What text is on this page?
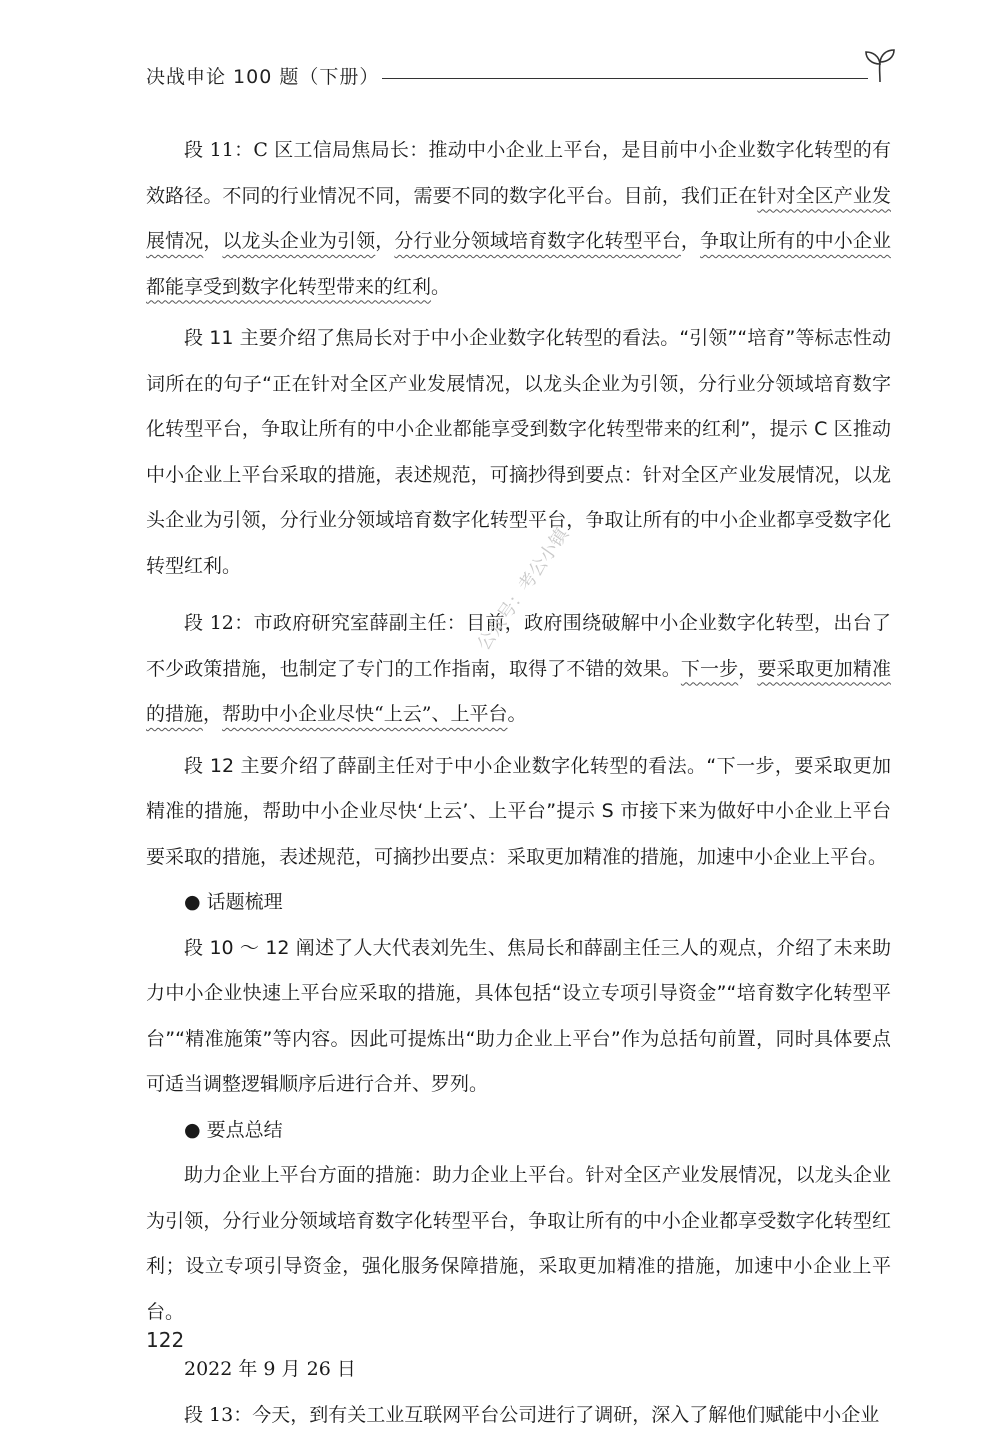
决战申论 100 题（下册）

段 11：C 区工信局焦局长：推动中小企业上平台，是目前中小企业数字化转型的有效路径。不同的行业情况不同，需要不同的数字化平台。目前，我们正在针对全区产业发展情况，以龙头企业为引领，分行业分领域培育数字化转型平台，争取让所有的中小企业都能享受到数字化转型带来的红利。

段 11 主要介绍了焦局长对于中小企业数字化转型的看法。“引领”“培育”等标志性动词所在的句子“正在针对全区产业发展情况，以龙头企业为引领，分行业分领域培育数字化转型平台，争取让所有的中小企业都能享受到数字化转型带来的红利”，提示 C 区推动中小企业上平台采取的措施，表述规范，可摘抄得到要点：针对全区产业发展情况，以龙头企业为引领，分行业分领域培育数字化转型平台，争取让所有的中小企业都享受数字化转型红利。

段 12：市政府研究室薛副主任：目前，政府围绕破解中小企业数字化转型，出台了不少政策措施，也制定了专门的工作指南，取得了不错的效果。下一步，要采取更加精准的措施，帮助中小企业尽快“上云”、上平台。

段 12 主要介绍了薛副主任对于中小企业数字化转型的看法。“下一步，要采取更加精准的措施，帮助中小企业尽快‘上云’、上平台”提示 S 市接下来为做好中小企业上平台要采取的措施，表述规范，可摘抄出要点：采取更加精准的措施，加速中小企业上平台。

● 话题梳理

段 10 ～ 12 阐述了人大代表刘先生、焦局长和薛副主任三人的观点，介绍了未来助力中小企业快速上平台应采取的措施，具体包括“设立专项引导资金”“培育数字化转型平台”“精准施策”等内容。因此可提炼出“助力企业上平台”作为总括句前置，同时具体要点可适当调整逻辑顺序后进行合并、罗列。

● 要点总结

助力企业上平台方面的措施：助力企业上平台。针对全区产业发展情况，以龙头企业为引领，分行业分领域培育数字化转型平台，争取让所有的中小企业都享受数字化转型红利；设立专项引导资金，强化服务保障措施，采取更加精准的措施，加速中小企业上平台。

2022 年 9 月 26 日

段 13：今天，到有关工业互联网平台公司进行了调研，深入了解他们赋能中小企业

公众号：考公小镇
122
